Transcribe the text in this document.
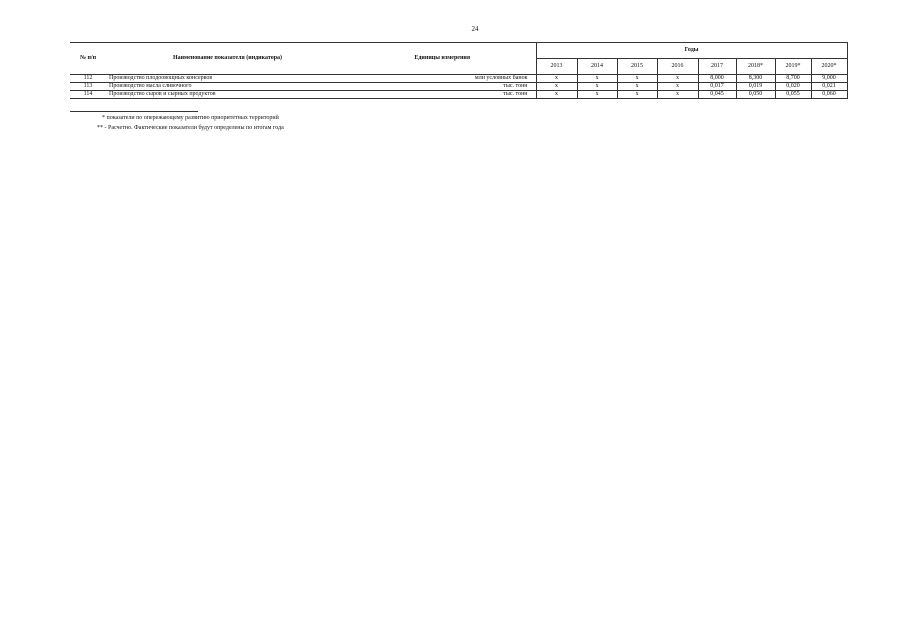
24
№ п/п	Наименование показателя (индикатора)	Единицы измерения	Годы							
			2013	2014	2015	2016	2017	2018*	2019*	2020*
112	Производство плодоовощных консервов	млн условных банок	x	x	x	x	8,000	8,300	8,700	9,000
113	Производство масла сливочного	тыс. тонн	x	x	x	x	0,017	0,019	0,020	0,021
114	Производство сыров и сырных продуктов	тыс. тонн	x	x	x	x	0,045	0,050	0,055	0,060
* показатели по опережающему развитию приоритетных территорий
** - Расчетно. Фактические показатели будут определены по итогам года
